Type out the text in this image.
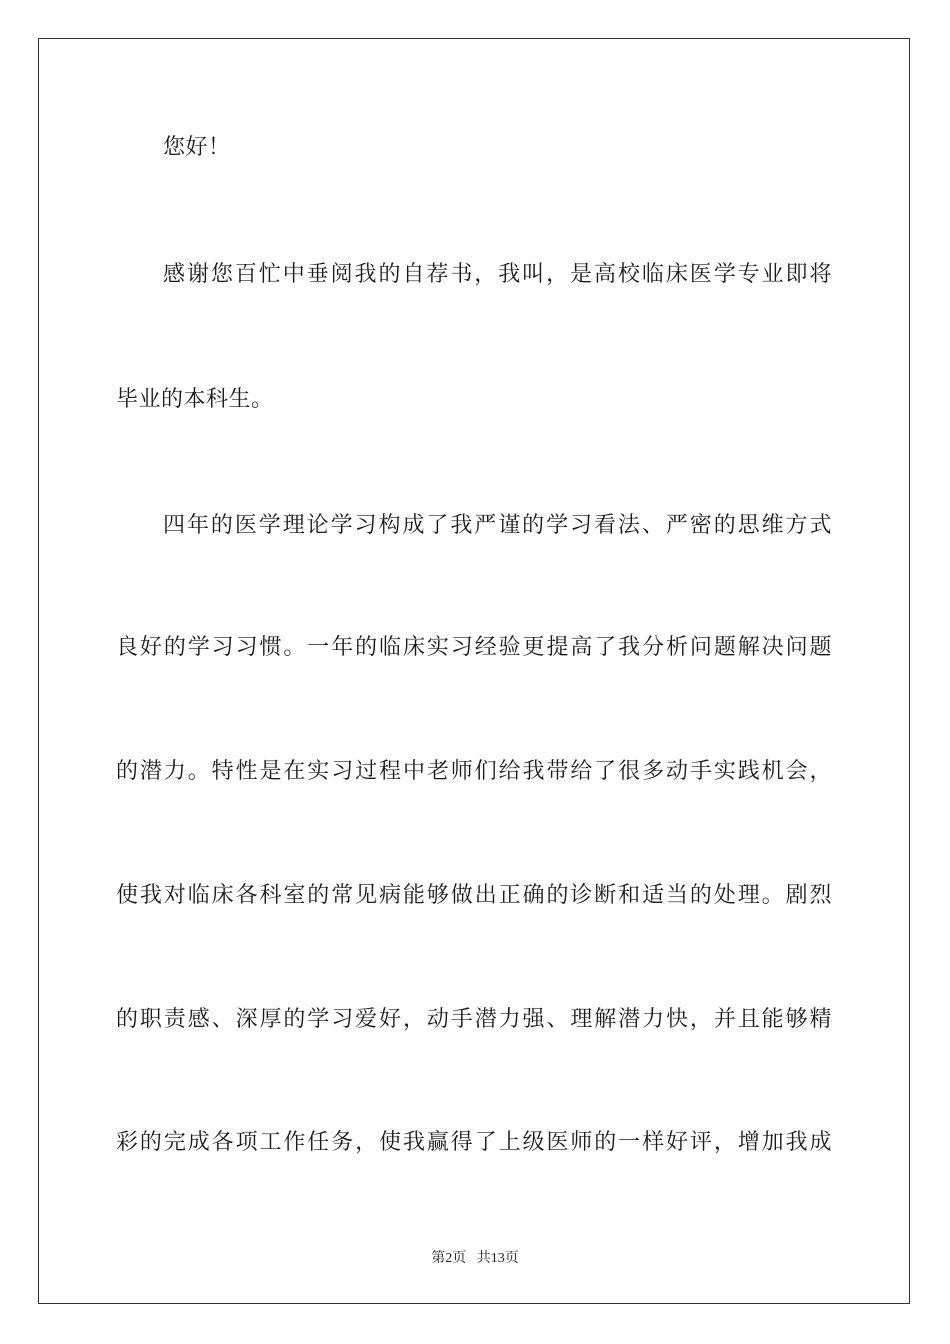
您好！
感谢您百忙中垂阅我的自荐书，我叫，是高校临床医学专业即将
毕业的本科生。
四年的医学理论学习构成了我严谨的学习看法、严密的思维方式
良好的学习习惯。一年的临床实习经验更提高了我分析问题解决问题
的潜力。特性是在实习过程中老师们给我带给了很多动手实践机会，
使我对临床各科室的常见病能够做出正确的诊断和适当的处理。剧烈
的职责感、深厚的学习爱好，动手潜力强、理解潜力快，并且能够精
彩的完成各项工作任务，使我赢得了上级医师的一样好评，增加我成
第2页   共13页
